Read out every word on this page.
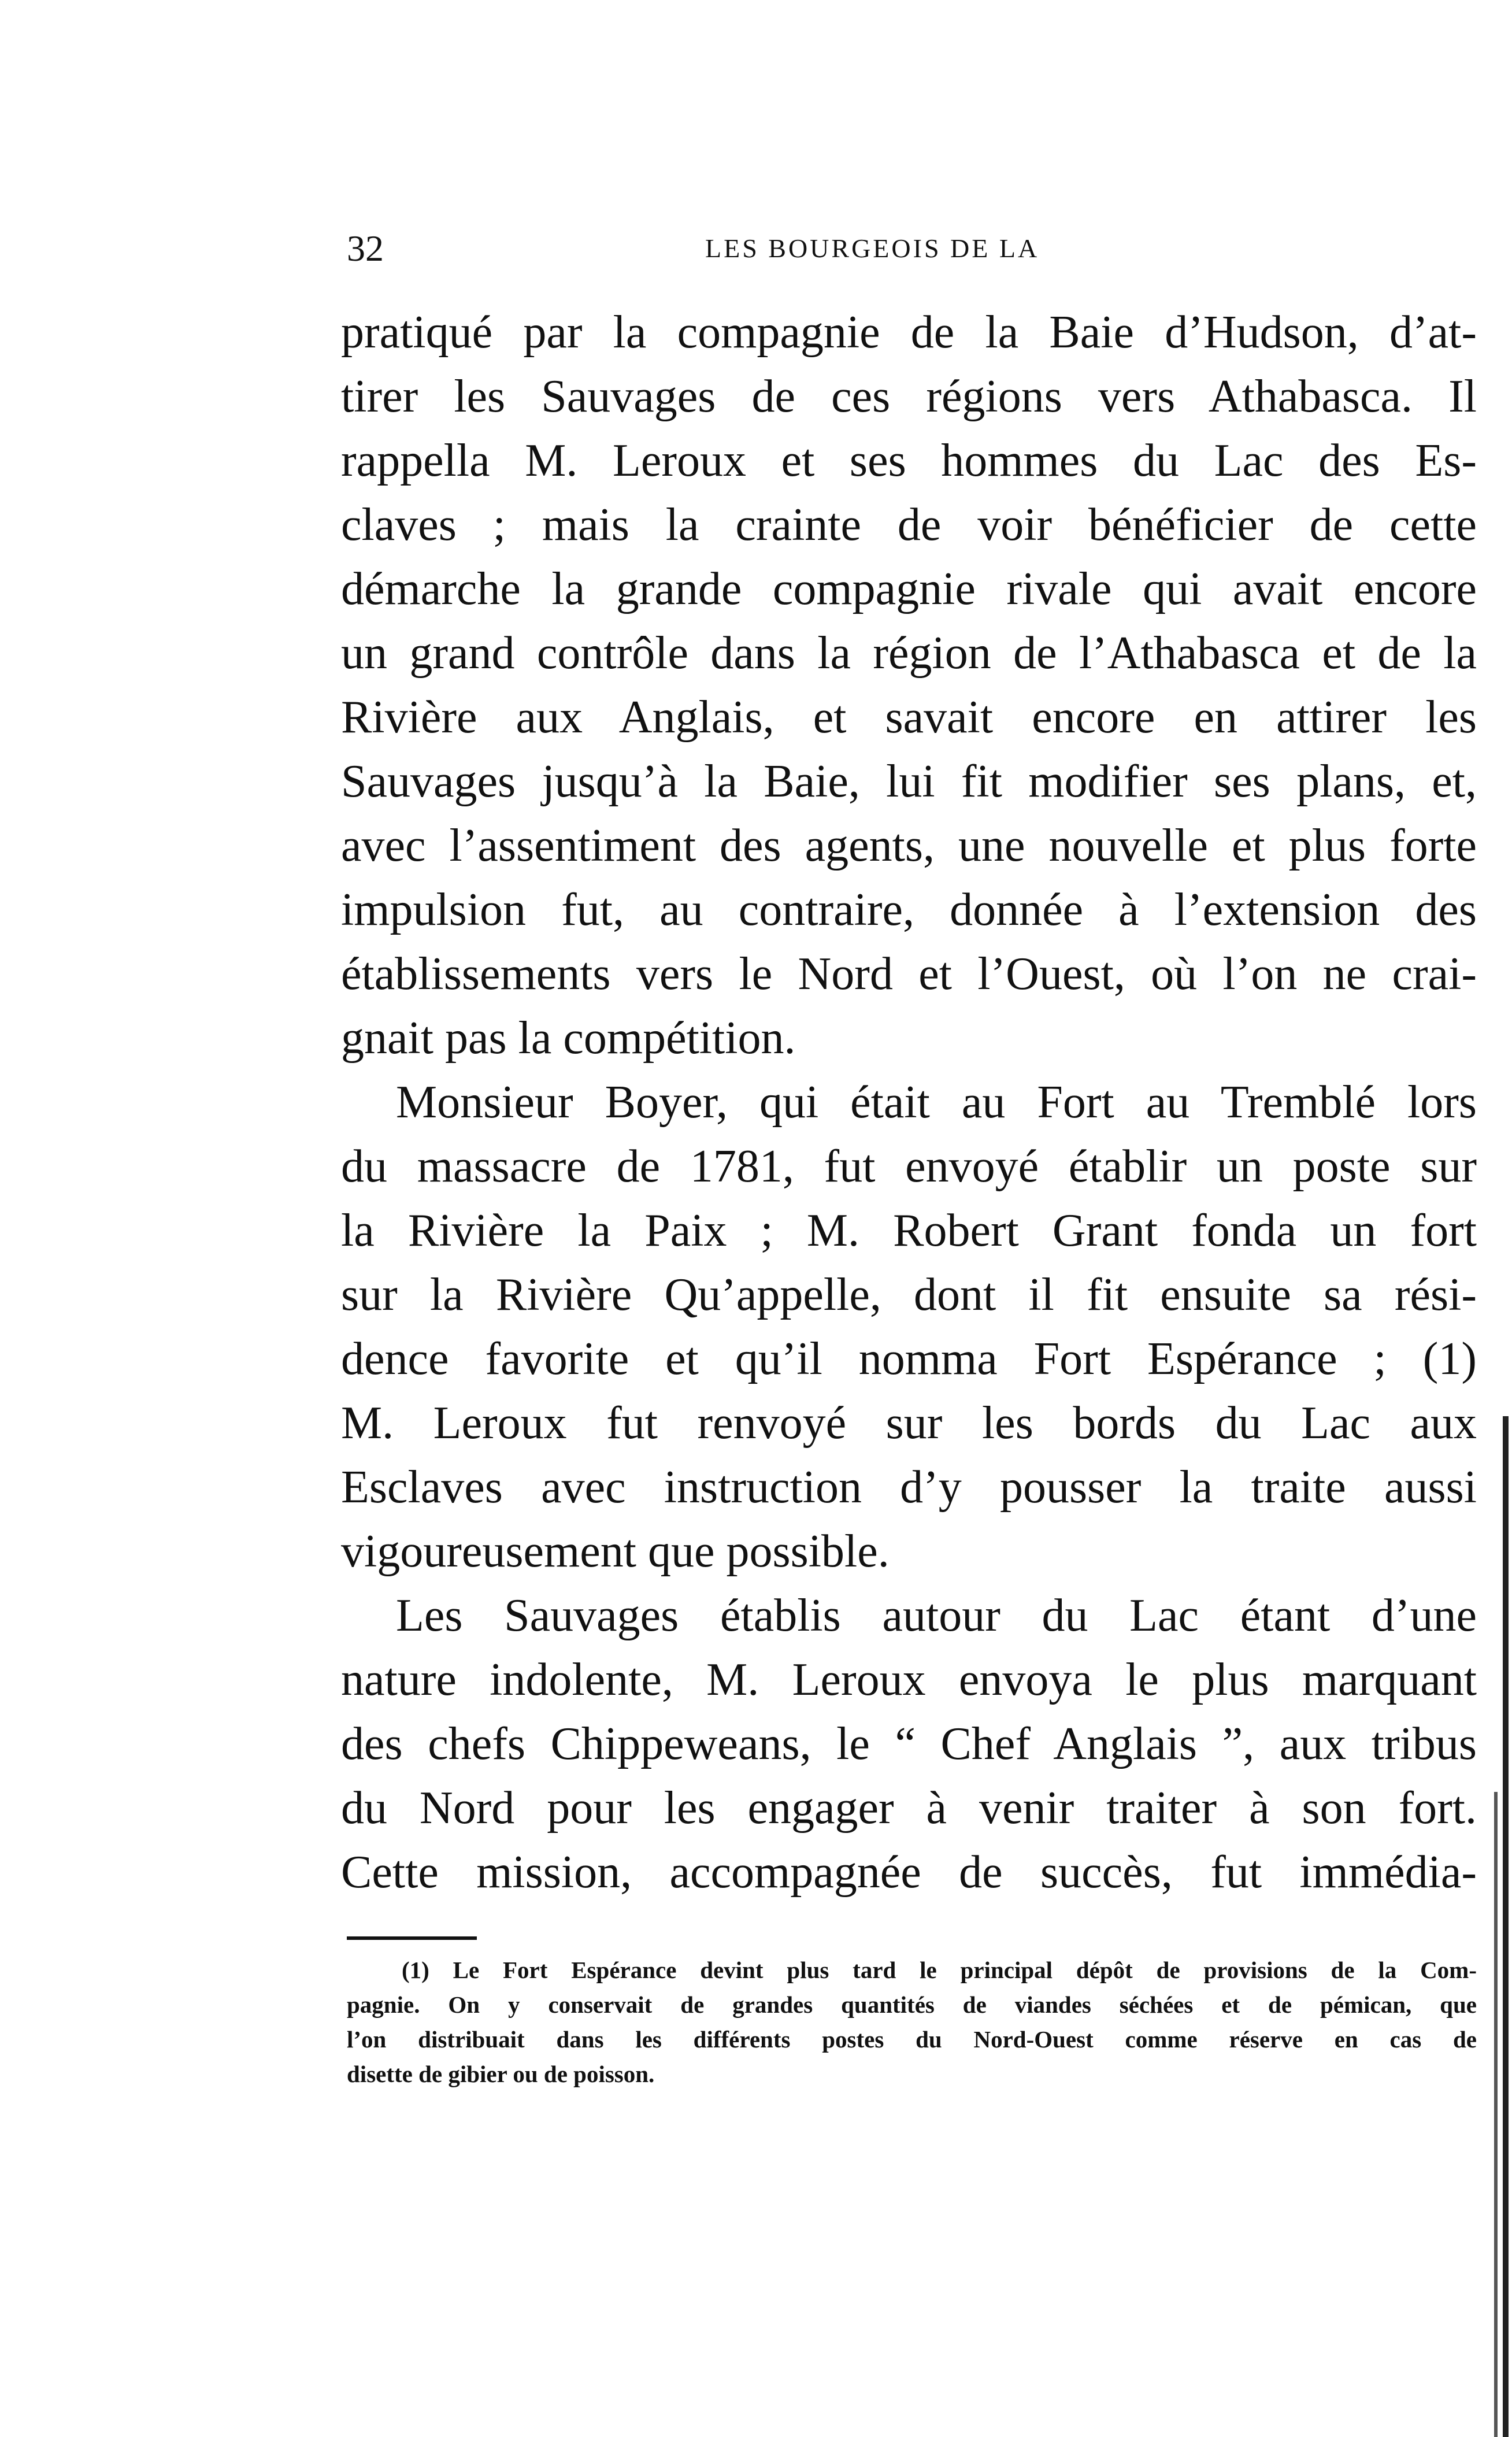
32	LES BOURGEOIS DE LA
pratiqué par la compagnie de la Baie d’Hudson, d’at-
tirer les Sauvages de ces régions vers Athabasca. Il
rappella M. Leroux et ses hommes du Lac des Es-
claves ; mais la crainte de voir bénéficier de cette
démarche la grande compagnie rivale qui avait encore
un grand contrôle dans la région de l’Athabasca et de la
Rivière aux Anglais, et savait encore en attirer les
Sauvages jusqu’à la Baie, lui fit modifier ses plans, et,
avec l’assentiment des agents, une nouvelle et plus forte
impulsion fut, au contraire, donnée à l’extension des
établissements vers le Nord et l’Ouest, où l’on ne crai-
gnait pas la compétition.
Monsieur Boyer, qui était au Fort au Tremblé lors
du massacre de 1781, fut envoyé établir un poste sur
la Rivière la Paix ; M. Robert Grant fonda un fort
sur la Rivière Qu’appelle, dont il fit ensuite sa rési-
dence favorite et qu’il nomma Fort Espérance ; (1)
M. Leroux fut renvoyé sur les bords du Lac aux
Esclaves avec instruction d’y pousser la traite aussi
vigoureusement que possible.
Les Sauvages établis autour du Lac étant d’une
nature indolente, M. Leroux envoya le plus marquant
des chefs Chippeweans, le “ Chef Anglais ”, aux tribus
du Nord pour les engager à venir traiter à son fort.
Cette mission, accompagnée de succès, fut immédia-
(1) Le Fort Espérance devint plus tard le principal dépôt de provisions de la Com-
pagnie. On y conservait de grandes quantités de viandes séchées et de pémican, que
l’on distribuait dans les différents postes du Nord-Ouest comme réserve en cas de
disette de gibier ou de poisson.
